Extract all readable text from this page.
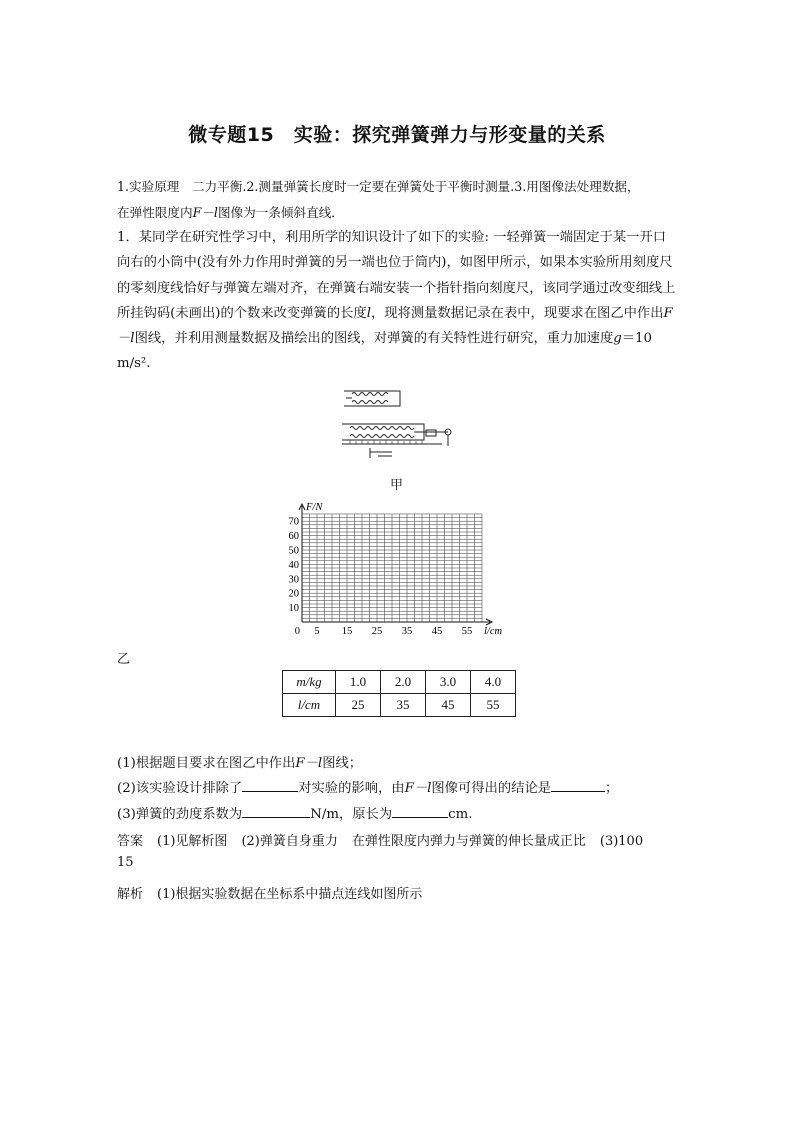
微专题15　实验：探究弹簧弹力与形变量的关系
1.实验原理　二力平衡.2.测量弹簧长度时一定要在弹簧处于平衡时测量.3.用图像法处理数据，
在弹性限度内F－l图像为一条倾斜直线．

1．某同学在研究性学习中，利用所学的知识设计了如下的实验: 一轻弹簧一端固定于某一开口向右的小筒中(没有外力作用时弹簧的另一端也位于筒内)，如图甲所示，如果本实验所用刻度尺的零刻度线恰好与弹簧左端对齐，在弹簧右端安装一个指针指向刻度尺，该同学通过改变细线上所挂钩码(未画出)的个数来改变弹簧的长度l，现将测量数据记录在表中，现要求在图乙中作出F－l图线，并利用测量数据及描绘出的图线，对弹簧的有关特性进行研究，重力加速度g＝10 m/s².

甲
10
20
30
40
50
60
70
5 15 25 35 45 55
0
F/N
l/cm
乙
m/kg	1.0	2.0	3.0	4.0
l/cm	25	35	45	55
(1)根据题目要求在图乙中作出F－l图线；
(2)该实验设计排除了	对实验的影响，由F－l图像可得出的结论是	；
(3)弹簧的劲度系数为	N/m，原长为	cm.
答案 (1)见解析图 (2)弹簧自身重力 在弹性限度内弹力与弹簧的伸长量成正比 (3)100
15
解析 (1)根据实验数据在坐标系中描点连线如图所示
